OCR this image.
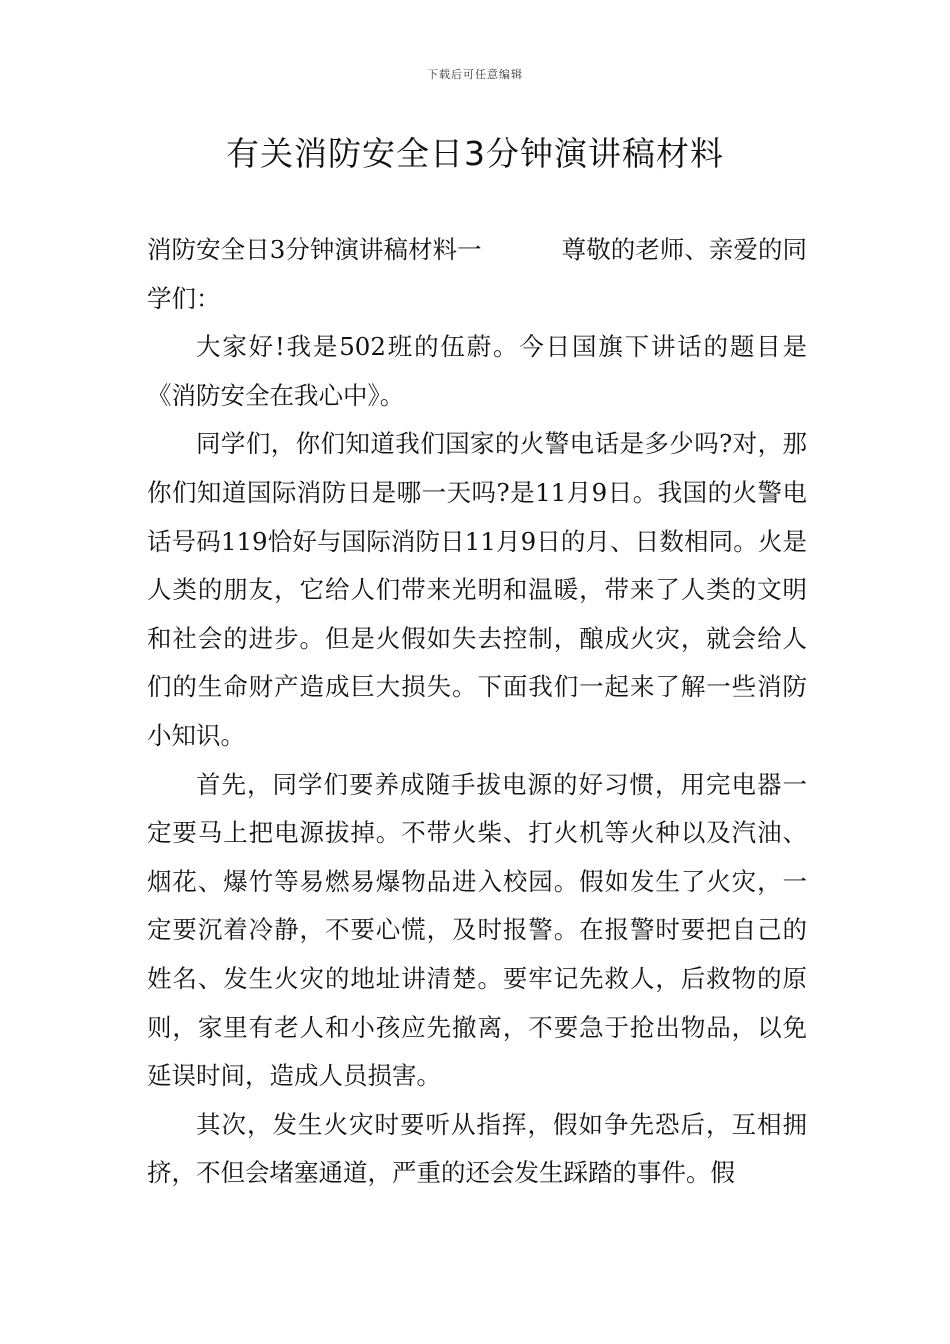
下载后可任意编辑
有关消防安全日3分钟演讲稿材料

消防安全日3分钟演讲稿材料一	尊敬的老师、亲爱的同学们：

大家好!我是502班的伍蔚。今日国旗下讲话的题目是《消防安全在我心中》。

同学们，你们知道我们国家的火警电话是多少吗?对，那你们知道国际消防日是哪一天吗?是11月9日。我国的火警电话号码119恰好与国际消防日11月9日的月、日数相同。火是人类的朋友，它给人们带来光明和温暖，带来了人类的文明和社会的进步。但是火假如失去控制，酿成火灾，就会给人们的生命财产造成巨大损失。下面我们一起来了解一些消防小知识。

首先，同学们要养成随手拔电源的好习惯，用完电器一定要马上把电源拔掉。不带火柴、打火机等火种以及汽油、烟花、爆竹等易燃易爆物品进入校园。假如发生了火灾，一定要沉着冷静，不要心慌，及时报警。在报警时要把自己的姓名、发生火灾的地址讲清楚。要牢记先救人，后救物的原则，家里有老人和小孩应先撤离，不要急于抢出物品，以免延误时间，造成人员损害。

其次，发生火灾时要听从指挥，假如争先恐后，互相拥挤，不但会堵塞通道，严重的还会发生踩踏的事件。假
